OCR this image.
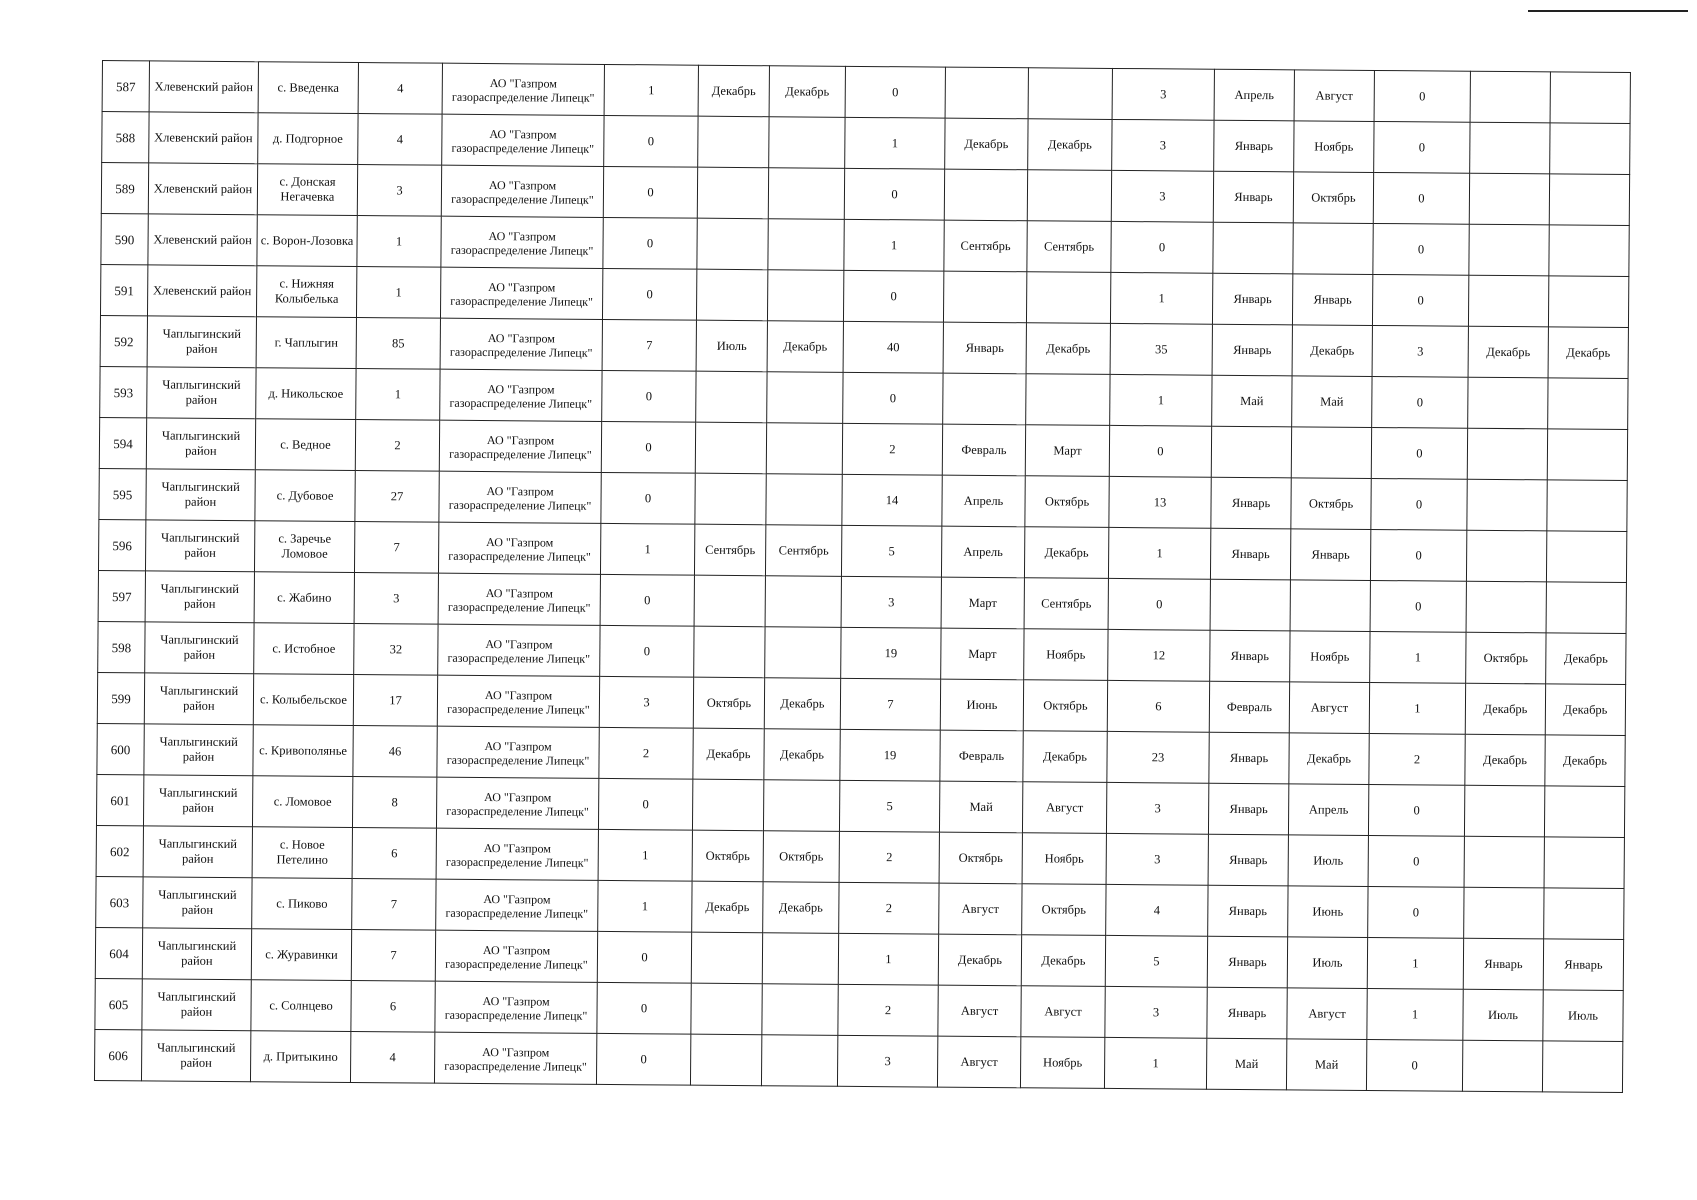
587	Хлевенский район	с. Введенка	4	АО "Газпром газораспределение Липецк"	1	Декабрь	Декабрь	0			3	Апрель	Август	0		
588	Хлевенский район	д. Подгорное	4	АО "Газпром газораспределение Липецк"	0			1	Декабрь	Декабрь	3	Январь	Ноябрь	0		
589	Хлевенский район	с. Донская Негачевка	3	АО "Газпром газораспределение Липецк"	0			0			3	Январь	Октябрь	0		
590	Хлевенский район	с. Ворон-Лозовка	1	АО "Газпром газораспределение Липецк"	0			1	Сентябрь	Сентябрь	0			0		
591	Хлевенский район	с. Нижняя Колыбелька	1	АО "Газпром газораспределение Липецк"	0			0			1	Январь	Январь	0		
592	Чаплыгинский район	г. Чаплыгин	85	АО "Газпром газораспределение Липецк"	7	Июль	Декабрь	40	Январь	Декабрь	35	Январь	Декабрь	3	Декабрь	Декабрь
593	Чаплыгинский район	д. Никольское	1	АО "Газпром газораспределение Липецк"	0			0			1	Май	Май	0		
594	Чаплыгинский район	с. Ведное	2	АО "Газпром газораспределение Липецк"	0			2	Февраль	Март	0			0		
595	Чаплыгинский район	с. Дубовое	27	АО "Газпром газораспределение Липецк"	0			14	Апрель	Октябрь	13	Январь	Октябрь	0		
596	Чаплыгинский район	с. Заречье Ломовое	7	АО "Газпром газораспределение Липецк"	1	Сентябрь	Сентябрь	5	Апрель	Декабрь	1	Январь	Январь	0		
597	Чаплыгинский район	с. Жабино	3	АО "Газпром газораспределение Липецк"	0			3	Март	Сентябрь	0			0		
598	Чаплыгинский район	с. Истобное	32	АО "Газпром газораспределение Липецк"	0			19	Март	Ноябрь	12	Январь	Ноябрь	1	Октябрь	Декабрь
599	Чаплыгинский район	с. Колыбельское	17	АО "Газпром газораспределение Липецк"	3	Октябрь	Декабрь	7	Июнь	Октябрь	6	Февраль	Август	1	Декабрь	Декабрь
600	Чаплыгинский район	с. Кривополянье	46	АО "Газпром газораспределение Липецк"	2	Декабрь	Декабрь	19	Февраль	Декабрь	23	Январь	Декабрь	2	Декабрь	Декабрь
601	Чаплыгинский район	с. Ломовое	8	АО "Газпром газораспределение Липецк"	0			5	Май	Август	3	Январь	Апрель	0		
602	Чаплыгинский район	с. Новое Петелино	6	АО "Газпром газораспределение Липецк"	1	Октябрь	Октябрь	2	Октябрь	Ноябрь	3	Январь	Июль	0		
603	Чаплыгинский район	с. Пиково	7	АО "Газпром газораспределение Липецк"	1	Декабрь	Декабрь	2	Август	Октябрь	4	Январь	Июнь	0		
604	Чаплыгинский район	с. Журавинки	7	АО "Газпром газораспределение Липецк"	0			1	Декабрь	Декабрь	5	Январь	Июль	1	Январь	Январь
605	Чаплыгинский район	с. Солнцево	6	АО "Газпром газораспределение Липецк"	0			2	Август	Август	3	Январь	Август	1	Июль	Июль
606	Чаплыгинский район	д. Притыкино	4	АО "Газпром газораспределение Липецк"	0			3	Август	Ноябрь	1	Май	Май	0		
